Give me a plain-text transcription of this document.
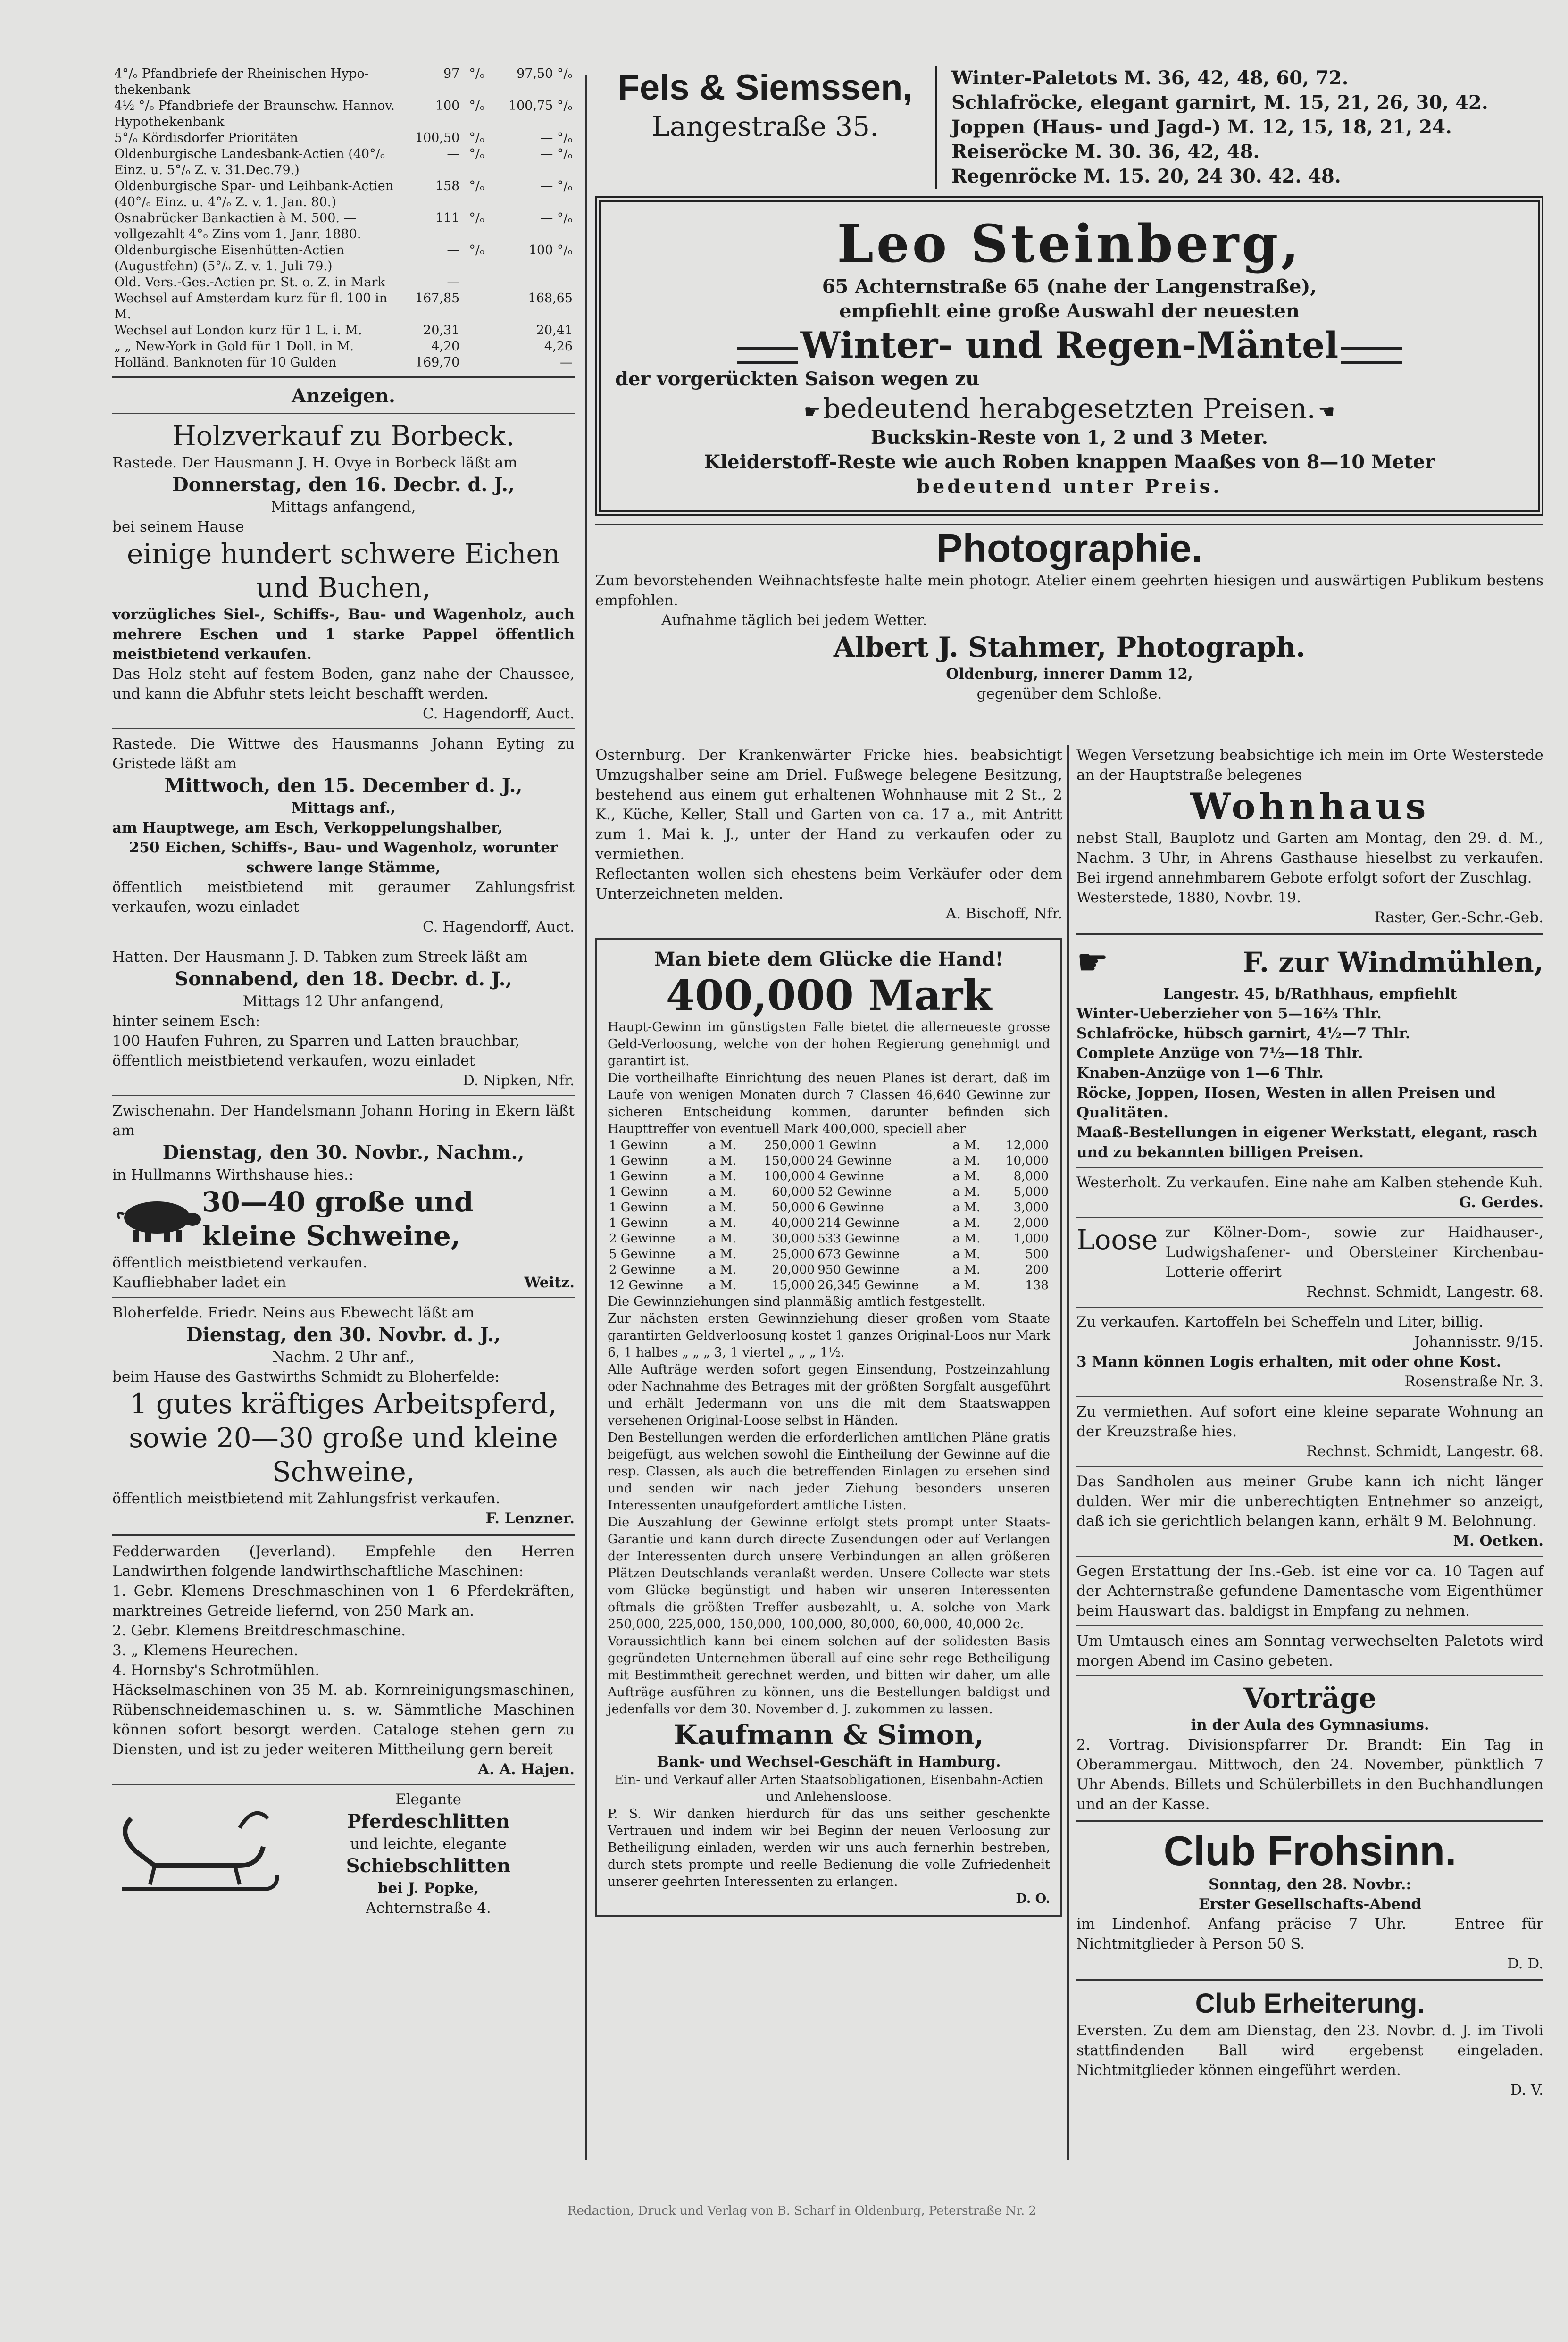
4°/ₒ Pfandbriefe der Rheinischen Hypo-thekenbank	97	°/ₒ	97,50 °/ₒ
4½ °/ₒ Pfandbriefe der Braunschw. Hannov. Hypothekenbank	100	°/ₒ	100,75 °/ₒ
5°/ₒ Kördisdorfer Prioritäten	100,50	°/ₒ	— °/ₒ
Oldenburgische Landesbank-Actien (40°/ₒ Einz. u. 5°/ₒ Z. v. 31.Dec.79.)	—	°/ₒ	— °/ₒ
Oldenburgische Spar- und Leihbank-Actien (40°/ₒ Einz. u. 4°/ₒ Z. v. 1. Jan. 80.)	158	°/ₒ	— °/ₒ
Osnabrücker Bankactien à M. 500. — vollgezahlt 4°ₒ Zins vom 1. Janr. 1880.	111	°/ₒ	— °/ₒ
Oldenburgische Eisenhütten-Actien (Augustfehn) (5°/ₒ Z. v. 1. Juli 79.)	—	°/ₒ	100 °/ₒ
Old. Vers.-Ges.-Actien pr. St. o. Z. in Mark	—		
Wechsel auf Amsterdam kurz für fl. 100 in M.	167,85		168,65
Wechsel auf London kurz für 1 L. i. M.	20,31		20,41
„ „ New-York in Gold für 1 Doll. in M.	4,20		4,26
Holländ. Banknoten für 10 Gulden	169,70		—

Anzeigen.

Holzverkauf zu Borbeck.

Rastede. Der Hausmann J. H. Ovye in Borbeck läßt am

Donnerstag, den 16. Decbr. d. J.,

Mittags anfangend,

bei seinem Hause

einige hundert schwere Eichen und Buchen,

vorzügliches Siel-, Schiffs-, Bau- und Wagenholz, auch mehrere Eschen und 1 starke Pappel öffentlich meistbietend verkaufen.

Das Holz steht auf festem Boden, ganz nahe der Chaussee, und kann die Abfuhr stets leicht beschafft werden.

C. Hagendorff, Auct.

Rastede. Die Wittwe des Hausmanns Johann Eyting zu Gristede läßt am

Mittwoch, den 15. December d. J.,

Mittags anf.,

am Hauptwege, am Esch, Verkoppelungshalber,

250 Eichen, Schiffs-, Bau- und Wagenholz, worunter schwere lange Stämme,

öffentlich meistbietend mit geraumer Zahlungsfrist verkaufen, wozu einladet

C. Hagendorff, Auct.

Hatten. Der Hausmann J. D. Tabken zum Streek läßt am

Sonnabend, den 18. Decbr. d. J.,

Mittags 12 Uhr anfangend,

hinter seinem Esch:

100 Haufen Fuhren, zu Sparren und Latten brauchbar,

öffentlich meistbietend verkaufen, wozu einladet

D. Nipken, Nfr.

Zwischenahn. Der Handelsmann Johann Horing in Ekern läßt am

Dienstag, den 30. Novbr., Nachm.,

in Hullmanns Wirthshause hies.:

30—40 große und kleine Schweine,

öffentlich meistbietend verkaufen.

Kaufliebhaber ladet ein	Weitz.

Bloherfelde. Friedr. Neins aus Ebewecht läßt am

Dienstag, den 30. Novbr. d. J.,

Nachm. 2 Uhr anf.,

beim Hause des Gastwirths Schmidt zu Bloherfelde:

1 gutes kräftiges Arbeitspferd, sowie 20—30 große und kleine Schweine,

öffentlich meistbietend mit Zahlungsfrist verkaufen.

F. Lenzner.

Fedderwarden (Jeverland). Empfehle den Herren Landwirthen folgende landwirthschaftliche Maschinen:

1. Gebr. Klemens Dreschmaschinen von 1—6 Pferdekräften, marktreines Getreide liefernd, von 250 Mark an.

2. Gebr. Klemens Breitdreschmaschine.

3. „ Klemens Heurechen.

4. Hornsby's Schrotmühlen.

Häckselmaschinen von 35 M. ab. Kornreinigungsmaschinen, Rübenschneidemaschinen u. s. w. Sämmtliche Maschinen können sofort besorgt werden. Cataloge stehen gern zu Diensten, und ist zu jeder weiteren Mittheilung gern bereit

A. A. Hajen.

Elegante

Pferdeschlitten

und leichte, elegante

Schiebschlitten

bei J. Popke,

Achternstraße 4.

Fels & Siemssen,

Langestraße 35.

Winter-Paletots M. 36, 42, 48, 60, 72.

Schlafröcke, elegant garnirt, M. 15, 21, 26, 30, 42.

Joppen (Haus- und Jagd-) M. 12, 15, 18, 21, 24.

Reiseröcke M. 30. 36, 42, 48.

Regenröcke M. 15. 20, 24 30. 42. 48.

Leo Steinberg,

65 Achternstraße 65 (nahe der Langenstraße),

empfiehlt eine große Auswahl der neuesten

Winter- und Regen-Mäntel

der vorgerückten Saison wegen zu

☛ bedeutend herabgesetzten Preisen. ☚

Buckskin-Reste von 1, 2 und 3 Meter.

Kleiderstoff-Reste wie auch Roben knappen Maaßes von 8—10 Meter

bedeutend unter Preis.

Photographie.

Zum bevorstehenden Weihnachtsfeste halte mein photogr. Atelier einem geehrten hiesigen und auswärtigen Publikum bestens empfohlen.

Aufnahme täglich bei jedem Wetter.

Albert J. Stahmer, Photograph.

Oldenburg, innerer Damm 12,

gegenüber dem Schloße.

Osternburg. Der Krankenwärter Fricke hies. beabsichtigt Umzugshalber seine am Driel. Fußwege belegene Besitzung, bestehend aus einem gut erhaltenen Wohnhause mit 2 St., 2 K., Küche, Keller, Stall und Garten von ca. 17 a., mit Antritt zum 1. Mai k. J., unter der Hand zu verkaufen oder zu vermiethen.

Reflectanten wollen sich ehestens beim Verkäufer oder dem Unterzeichneten melden.

A. Bischoff, Nfr.

Man biete dem Glücke die Hand!

400,000 Mark

Haupt-Gewinn im günstigsten Falle bietet die allerneueste grosse Geld-Verloosung, welche von der hohen Regierung genehmigt und garantirt ist.

Die vortheilhafte Einrichtung des neuen Planes ist derart, daß im Laufe von wenigen Monaten durch 7 Classen 46,640 Gewinne zur sicheren Entscheidung kommen, darunter befinden sich Haupttreffer von eventuell Mark 400,000, speciell aber

1 Gewinn	a M.	250,000	1 Gewinn	a M.	12,000
1 Gewinn	a M.	150,000	24 Gewinne	a M.	10,000
1 Gewinn	a M.	100,000	4 Gewinne	a M.	8,000
1 Gewinn	a M.	60,000	52 Gewinne	a M.	5,000
1 Gewinn	a M.	50,000	6 Gewinne	a M.	3,000
1 Gewinn	a M.	40,000	214 Gewinne	a M.	2,000
2 Gewinne	a M.	30,000	533 Gewinne	a M.	1,000
5 Gewinne	a M.	25,000	673 Gewinne	a M.	500
2 Gewinne	a M.	20,000	950 Gewinne	a M.	200
12 Gewinne	a M.	15,000	26,345 Gewinne	a M.	138

Die Gewinnziehungen sind planmäßig amtlich festgestellt.

Zur nächsten ersten Gewinnziehung dieser großen vom Staate garantirten Geldverloosung kostet 1 ganzes Original-Loos nur Mark 6, 1 halbes „ „ „ 3, 1 viertel „ „ „ 1½.

Alle Aufträge werden sofort gegen Einsendung, Postzeinzahlung oder Nachnahme des Betrages mit der größten Sorgfalt ausgeführt und erhält Jedermann von uns die mit dem Staatswappen versehenen Original-Loose selbst in Händen.

Den Bestellungen werden die erforderlichen amtlichen Pläne gratis beigefügt, aus welchen sowohl die Eintheilung der Gewinne auf die resp. Classen, als auch die betreffenden Einlagen zu ersehen sind und senden wir nach jeder Ziehung besonders unseren Interessenten unaufgefordert amtliche Listen.

Die Auszahlung der Gewinne erfolgt stets prompt unter Staats-Garantie und kann durch directe Zusendungen oder auf Verlangen der Interessenten durch unsere Verbindungen an allen größeren Plätzen Deutschlands veranlaßt werden. Unsere Collecte war stets vom Glücke begünstigt und haben wir unseren Interessenten oftmals die größten Treffer ausbezahlt, u. A. solche von Mark 250,000, 225,000, 150,000, 100,000, 80,000, 60,000, 40,000 2c.

Voraussichtlich kann bei einem solchen auf der solidesten Basis gegründeten Unternehmen überall auf eine sehr rege Betheiligung mit Bestimmtheit gerechnet werden, und bitten wir daher, um alle Aufträge ausführen zu können, uns die Bestellungen baldigst und jedenfalls vor dem 30. November d. J. zukommen zu lassen.

Kaufmann & Simon,

Bank- und Wechsel-Geschäft in Hamburg.

Ein- und Verkauf aller Arten Staatsobligationen, Eisenbahn-Actien und Anlehensloose.

P. S. Wir danken hierdurch für das uns seither geschenkte Vertrauen und indem wir bei Beginn der neuen Verloosung zur Betheiligung einladen, werden wir uns auch fernerhin bestreben, durch stets prompte und reelle Bedienung die volle Zufriedenheit unserer geehrten Interessenten zu erlangen.

D. O.

Wegen Versetzung beabsichtige ich mein im Orte Westerstede an der Hauptstraße belegenes

Wohnhaus

nebst Stall, Bauplotz und Garten am Montag, den 29. d. M., Nachm. 3 Uhr, in Ahrens Gasthause hieselbst zu verkaufen. Bei irgend annehmbarem Gebote erfolgt sofort der Zuschlag.

Westerstede, 1880, Novbr. 19.

Raster, Ger.-Schr.-Geb.

☛	F. zur Windmühlen,

Langestr. 45, b/Rathhaus, empfiehlt

Winter-Ueberzieher von 5—16⅔ Thlr.

Schlafröcke, hübsch garnirt, 4½—7 Thlr.

Complete Anzüge von 7½—18 Thlr.

Knaben-Anzüge von 1—6 Thlr.

Röcke, Joppen, Hosen, Westen in allen Preisen und Qualitäten.

Maaß-Bestellungen in eigener Werkstatt, elegant, rasch und zu bekannten billigen Preisen.

Westerholt. Zu verkaufen. Eine nahe am Kalben stehende Kuh.

G. Gerdes.

Loose zur Kölner-Dom-, sowie zur Haidhauser-, Ludwigshafener- und Obersteiner Kirchenbau-Lotterie offerirt

Rechnst. Schmidt, Langestr. 68.

Zu verkaufen. Kartoffeln bei Scheffeln und Liter, billig.

Johannisstr. 9/15.

3 Mann können Logis erhalten, mit oder ohne Kost.

Rosenstraße Nr. 3.

Zu vermiethen. Auf sofort eine kleine separate Wohnung an der Kreuzstraße hies.

Rechnst. Schmidt, Langestr. 68.

Das Sandholen aus meiner Grube kann ich nicht länger dulden. Wer mir die unberechtigten Entnehmer so anzeigt, daß ich sie gerichtlich belangen kann, erhält 9 M. Belohnung.

M. Oetken.

Gegen Erstattung der Ins.-Geb. ist eine vor ca. 10 Tagen auf der Achternstraße gefundene Damentasche vom Eigenthümer beim Hauswart das. baldigst in Empfang zu nehmen.

Um Umtausch eines am Sonntag verwechselten Paletots wird morgen Abend im Casino gebeten.

Vorträge

in der Aula des Gymnasiums.

2. Vortrag. Divisionspfarrer Dr. Brandt: Ein Tag in Oberammergau. Mittwoch, den 24. November, pünktlich 7 Uhr Abends. Billets und Schülerbillets in den Buchhandlungen und an der Kasse.

Club Frohsinn.

Sonntag, den 28. Novbr.:

Erster Gesellschafts-Abend

im Lindenhof. Anfang präcise 7 Uhr. — Entree für Nichtmitglieder à Person 50 S.

D. D.

Club Erheiterung.

Eversten. Zu dem am Dienstag, den 23. Novbr. d. J. im Tivoli stattfindenden Ball wird ergebenst eingeladen. Nichtmitglieder können eingeführt werden.

D. V.

Redaction, Druck und Verlag von B. Scharf in Oldenburg, Peterstraße Nr. 2
